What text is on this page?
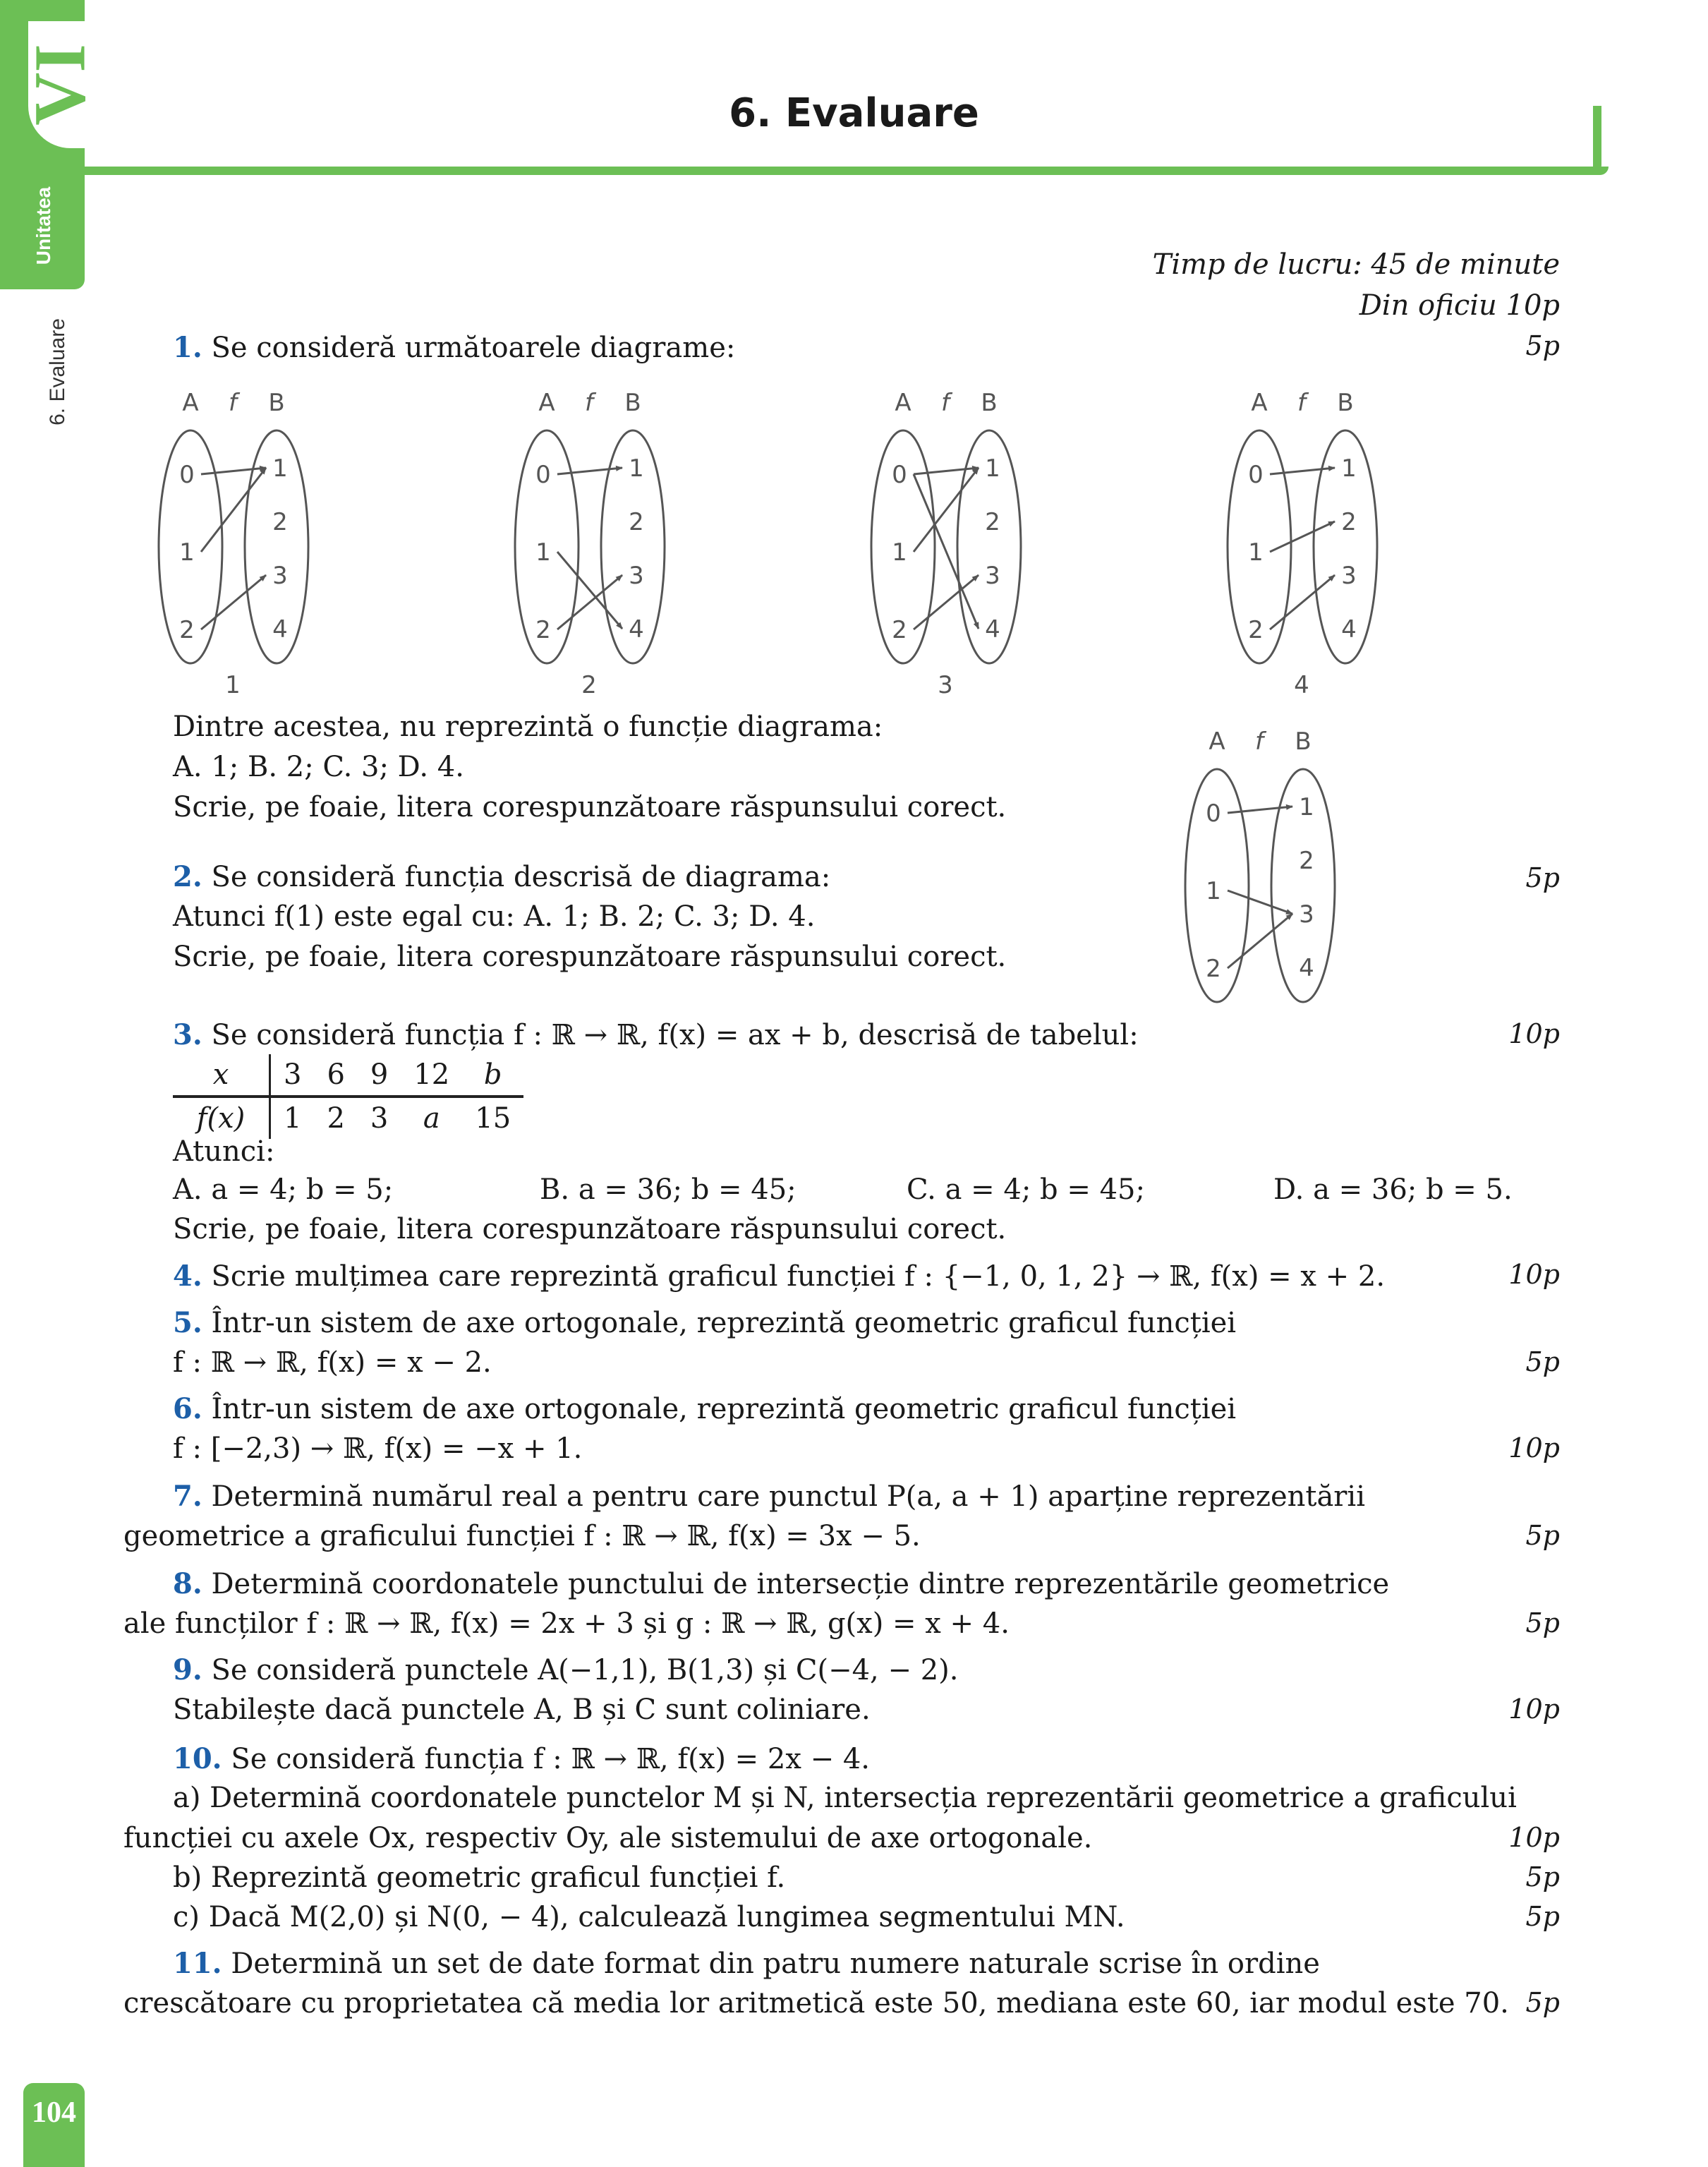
VI
Unitatea
6. Evaluare
6. Evaluare
Timp de lucru: 45 de minute
Din oficiu 10p
1. Se consideră următoarele diagrame:	5p
A f B
0
1
2
1
2
3
4
1
A f B
0
1
2
1
2
3
4
2
A f B
0
1
2
1
2
3
4
3
A f B
0
1
2
1
2
3
4
4
Dintre acestea, nu reprezintă o funcție diagrama:
A. 1; B. 2; C. 3; D. 4.
Scrie, pe foaie, litera corespunzătoare răspunsului corect.
A f B
0
1
2
1
2
3
4
2. Se consideră funcția descrisă de diagrama:	5p
Atunci f(1) este egal cu: A. 1; B. 2; C. 3; D. 4.
Scrie, pe foaie, litera corespunzătoare răspunsului corect.
3. Se consideră funcția f : ℝ → ℝ, f(x) = ax + b, descrisă de tabelul:	10p
x	3	6	9	12	b
f(x)	1	2	3	a	15
Atunci:
A. a = 4; b = 5;	B. a = 36; b = 45;	C. a = 4; b = 45;	D. a = 36; b = 5.
Scrie, pe foaie, litera corespunzătoare răspunsului corect.
4. Scrie mulțimea care reprezintă graficul funcției f : {−1, 0, 1, 2} → ℝ, f(x) = x + 2.	10p
5. Într-un sistem de axe ortogonale, reprezintă geometric graficul funcției
f : ℝ → ℝ, f(x) = x − 2.	5p
6. Într-un sistem de axe ortogonale, reprezintă geometric graficul funcției
f : [−2,3) → ℝ, f(x) = −x + 1.	10p
7. Determină numărul real a pentru care punctul P(a, a + 1) aparține reprezentării
geometrice a graficului funcției f : ℝ → ℝ, f(x) = 3x − 5.	5p
8. Determină coordonatele punctului de intersecție dintre reprezentările geometrice
ale funcților f : ℝ → ℝ, f(x) = 2x + 3 și g : ℝ → ℝ, g(x) = x + 4.	5p
9. Se consideră punctele A(−1,1), B(1,3) și C(−4, − 2).
Stabilește dacă punctele A, B și C sunt coliniare.	10p
10. Se consideră funcția f : ℝ → ℝ, f(x) = 2x − 4.
a) Determină coordonatele punctelor M și N, intersecția reprezentării geometrice a graficului
funcției cu axele Ox, respectiv Oy, ale sistemului de axe ortogonale.	10p
b) Reprezintă geometric graficul funcției f.	5p
c) Dacă M(2,0) și N(0, − 4), calculează lungimea segmentului MN.	5p
11. Determină un set de date format din patru numere naturale scrise în ordine
crescătoare cu proprietatea că media lor aritmetică este 50, mediana este 60, iar modul este 70. 5p
104
